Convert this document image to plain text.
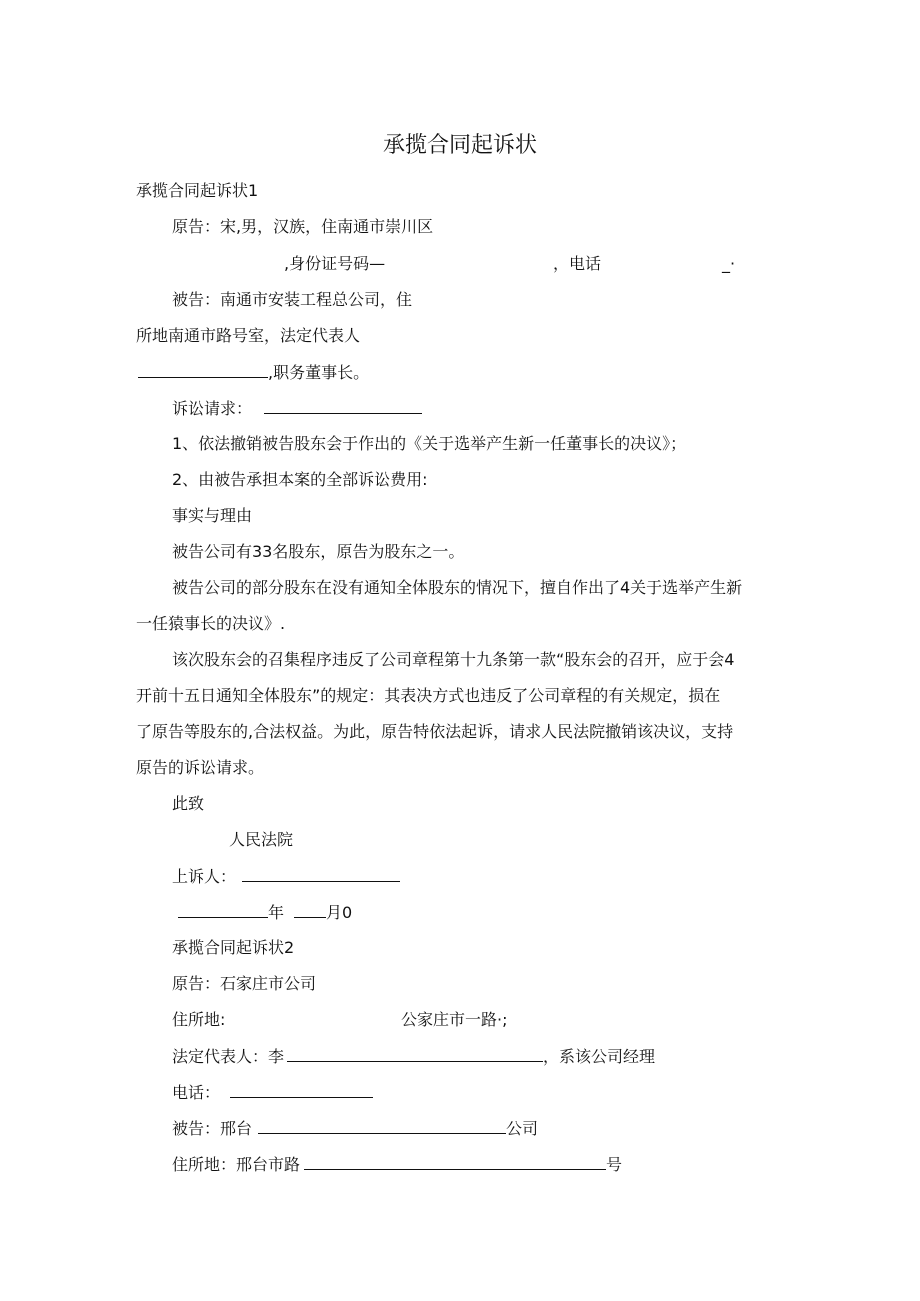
承揽合同起诉状
承揽合同起诉状1
原告：宋,男，汉族，住南通市崇川区
,身份证号码—	，电话	_·
被告：南通市安装工程总公司，住
所地南通市路号室，法定代表人
,职务董事长。
诉讼请求：
1、依法撤销被告股东会于作出的《关于选举产生新一任董事长的决议》；
2、由被告承担本案的全部诉讼费用:
事实与理由
被告公司有33名股东，原告为股东之一。
被告公司的部分股东在没有通知全体股东的情况下，擅自作出了4关于选举产生新
一任猿事长的决议》.
该次股东会的召集程序违反了公司章程第十九条第一款“股东会的召开，应于会4
开前十五日通知全体股东”的规定：其表决方式也违反了公司章程的有关规定，损在
了原告等股东的,合法权益。为此，原告特依法起诉，请求人民法院撤销该决议，支持
原告的诉讼请求。
此致
人民法院
上诉人：
年	月0
承揽合同起诉状2
原告：石家庄市公司
住所地:	公家庄市一路·;
法定代表人：李	，系该公司经理
电话：
被告：邢台	公司
住所地：邢台市路	号
